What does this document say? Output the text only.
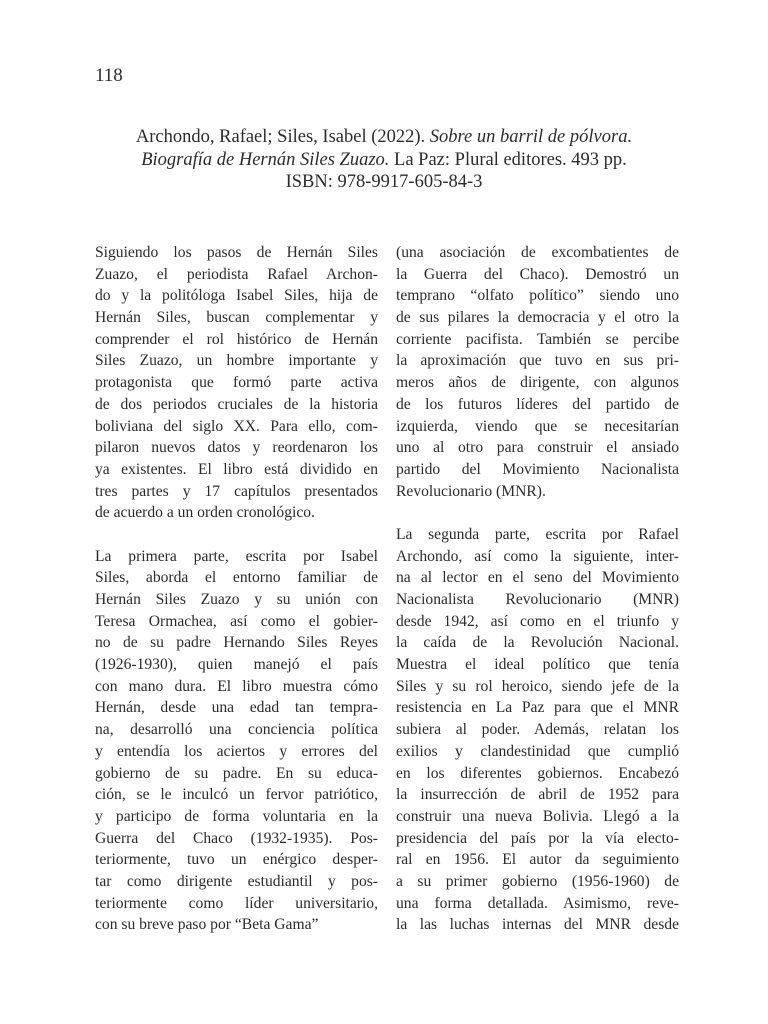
118
Archondo, Rafael; Siles, Isabel (2022). Sobre un barril de pólvora.
Biografía de Hernán Siles Zuazo. La Paz: Plural editores. 493 pp.
ISBN: 978-9917-605-84-3
Siguiendo los pasos de Hernán Siles
Zuazo, el periodista Rafael Archon-
do y la politóloga Isabel Siles, hija de
Hernán Siles, buscan complementar y
comprender el rol histórico de Hernán
Siles Zuazo, un hombre importante y
protagonista que formó parte activa
de dos periodos cruciales de la historia
boliviana del siglo XX. Para ello, com-
pilaron nuevos datos y reordenaron los
ya existentes. El libro está dividido en
tres partes y 17 capítulos presentados
de acuerdo a un orden cronológico.
La primera parte, escrita por Isabel
Siles, aborda el entorno familiar de
Hernán Siles Zuazo y su unión con
Teresa Ormachea, así como el gobier-
no de su padre Hernando Siles Reyes
(1926-1930), quien manejó el país
con mano dura. El libro muestra cómo
Hernán, desde una edad tan tempra-
na, desarrolló una conciencia política
y entendía los aciertos y errores del
gobierno de su padre. En su educa-
ción, se le inculcó un fervor patriótico,
y participo de forma voluntaria en la
Guerra del Chaco (1932-1935). Pos-
teriormente, tuvo un enérgico desper-
tar como dirigente estudiantil y pos-
teriormente como líder universitario,
con su breve paso por “Beta Gama”
(una asociación de excombatientes de
la Guerra del Chaco). Demostró un
temprano “olfato político” siendo uno
de sus pilares la democracia y el otro la
corriente pacifista. También se percibe
la aproximación que tuvo en sus pri-
meros años de dirigente, con algunos
de los futuros líderes del partido de
izquierda, viendo que se necesitarían
uno al otro para construir el ansiado
partido del Movimiento Nacionalista
Revolucionario (MNR).
La segunda parte, escrita por Rafael
Archondo, así como la siguiente, inter-
na al lector en el seno del Movimiento
Nacionalista Revolucionario (MNR)
desde 1942, así como en el triunfo y
la caída de la Revolución Nacional.
Muestra el ideal político que tenía
Siles y su rol heroico, siendo jefe de la
resistencia en La Paz para que el MNR
subiera al poder. Además, relatan los
exilios y clandestinidad que cumplió
en los diferentes gobiernos. Encabezó
la insurrección de abril de 1952 para
construir una nueva Bolivia. Llegó a la
presidencia del país por la vía electo-
ral en 1956. El autor da seguimiento
a su primer gobierno (1956-1960) de
una forma detallada. Asimismo, reve-
la las luchas internas del MNR desde
